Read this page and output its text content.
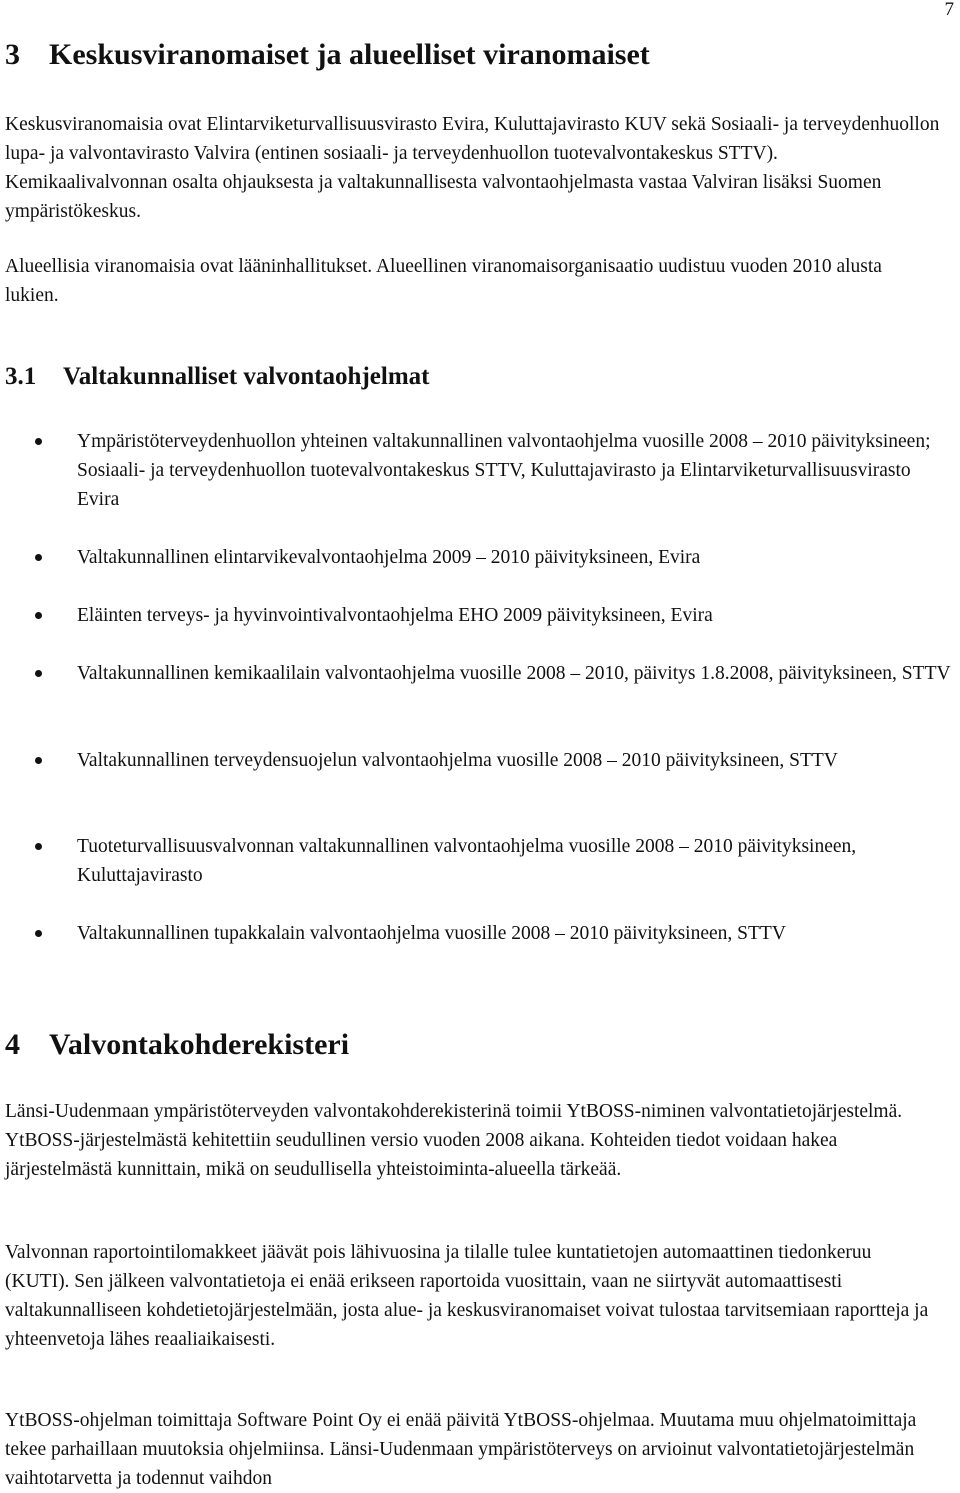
7
3 Keskusviranomaiset ja alueelliset viranomaiset

Keskusviranomaisia ovat Elintarviketurvallisuusvirasto Evira, Kuluttajavirasto KUV sekä Sosiaali- ja terveydenhuollon lupa- ja valvontavirasto Valvira (entinen sosiaali- ja terveydenhuollon tuotevalvontakeskus STTV). Kemikaalivalvonnan osalta ohjauksesta ja valtakunnallisesta valvontaohjelmasta vastaa Valviran lisäksi Suomen ympäristökeskus.

Alueellisia viranomaisia ovat lääninhallitukset. Alueellinen viranomaisorganisaatio uudistuu vuoden 2010 alusta lukien.

3.1 Valtakunnalliset valvontaohjelmat
Ympäristöterveydenhuollon yhteinen valtakunnallinen valvontaohjelma vuosille 2008 – 2010 päivityksineen; Sosiaali- ja terveydenhuollon tuotevalvontakeskus STTV, Kuluttajavirasto ja Elintarviketurvallisuusvirasto Evira
Valtakunnallinen elintarvikevalvontaohjelma 2009 – 2010 päivityksineen, Evira
Eläinten terveys- ja hyvinvointivalvontaohjelma EHO 2009 päivityksineen, Evira
Valtakunnallinen kemikaalilain valvontaohjelma vuosille 2008 – 2010, päivitys 1.8.2008, päivityksineen, STTV
Valtakunnallinen terveydensuojelun valvontaohjelma vuosille 2008 – 2010 päivityksineen, STTV
Tuoteturvallisuusvalvonnan valtakunnallinen valvontaohjelma vuosille 2008 – 2010 päivityksineen, Kuluttajavirasto
Valtakunnallinen tupakkalain valvontaohjelma vuosille 2008 – 2010 päivityksineen, STTV
4 Valvontakohderekisteri

Länsi-Uudenmaan ympäristöterveyden valvontakohderekisterinä toimii YtBOSS-niminen valvontatietojärjestelmä. YtBOSS-järjestelmästä kehitettiin seudullinen versio vuoden 2008 aikana. Kohteiden tiedot voidaan hakea järjestelmästä kunnittain, mikä on seudullisella yhteistoiminta-alueella tärkeää.

Valvonnan raportointilomakkeet jäävät pois lähivuosina ja tilalle tulee kuntatietojen automaattinen tiedonkeruu (KUTI). Sen jälkeen valvontatietoja ei enää erikseen raportoida vuosittain, vaan ne siirtyvät automaattisesti valtakunnalliseen kohdetietojärjestelmään, josta alue- ja keskusviranomaiset voivat tulostaa tarvitsemiaan raportteja ja yhteenvetoja lähes reaaliaikaisesti.

YtBOSS-ohjelman toimittaja Software Point Oy ei enää päivitä YtBOSS-ohjelmaa. Muutama muu ohjelmatoimittaja tekee parhaillaan muutoksia ohjelmiinsa. Länsi-Uudenmaan ympäristöterveys on arvioinut valvontatietojärjestelmän vaihtotarvetta ja todennut vaihdon
